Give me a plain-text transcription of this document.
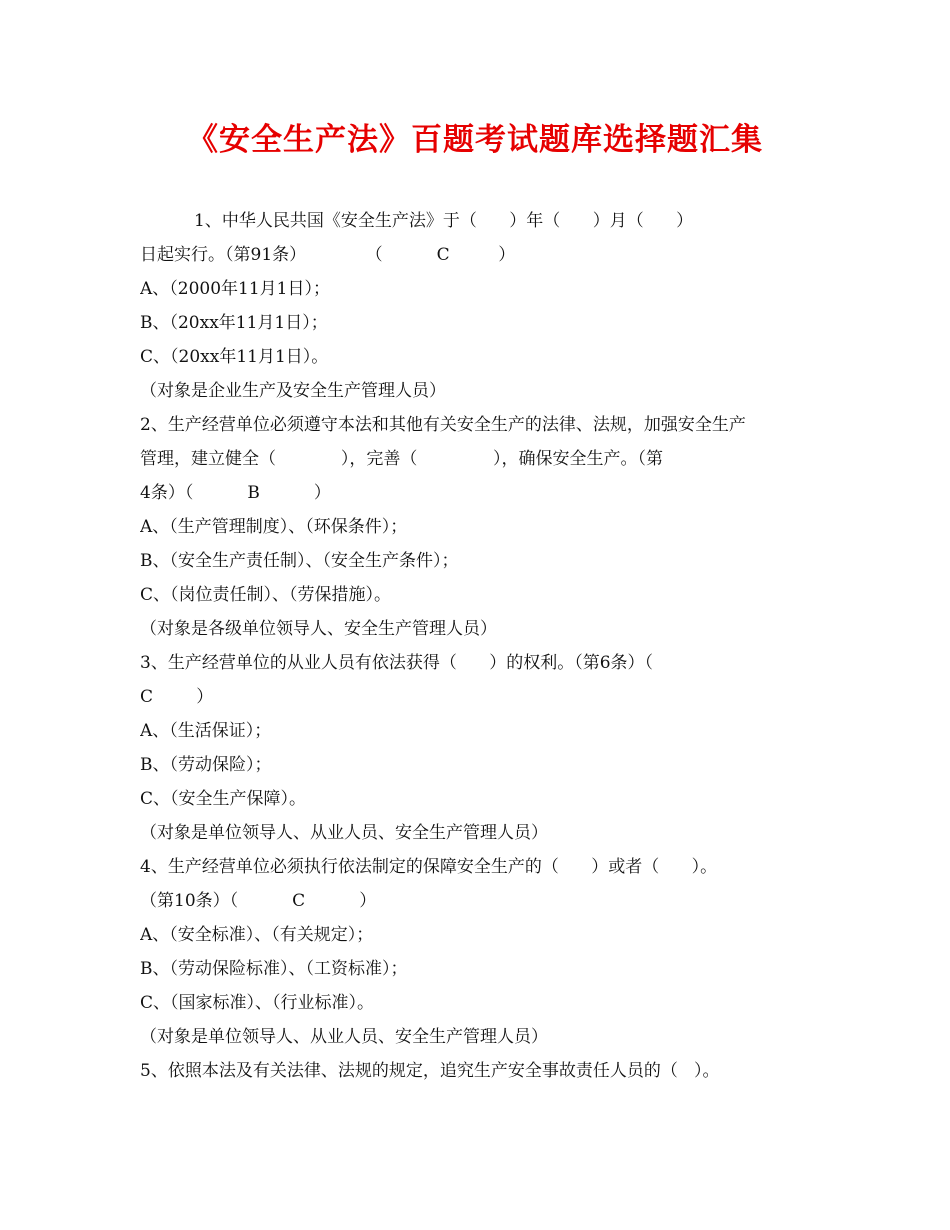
《安全生产法》百题考试题库选择题汇集
1、中华人民共国《安全生产法》于（      ）年（      ）月（      ）
日起实行。（第91条）           （          C         ）
A、（2000年11月1日）；
B、（20xx年11月1日）；
C、（20xx年11月1日）。
（对象是企业生产及安全生产管理人员）
2、生产经营单位必须遵守本法和其他有关安全生产的法律、法规，加强安全生产
管理，建立健全（            ），完善（              ），确保安全生产。（第
4条）（          B          ）
A、（生产管理制度）、（环保条件）；
B、（安全生产责任制）、（安全生产条件）；
C、（岗位责任制）、（劳保措施）。
（对象是各级单位领导人、安全生产管理人员）
3、生产经营单位的从业人员有依法获得（      ）的权利。（第6条）（
C        ）
A、（生活保证）；
B、（劳动保险）；
C、（安全生产保障）。
（对象是单位领导人、从业人员、安全生产管理人员）
4、生产经营单位必须执行依法制定的保障安全生产的（      ）或者（      ）。
（第10条）（          C          ）
A、（安全标准）、（有关规定）；
B、（劳动保险标准）、（工资标准）；
C、（国家标准）、（行业标准）。
（对象是单位领导人、从业人员、安全生产管理人员）
5、依照本法及有关法律、法规的规定，追究生产安全事故责任人员的（   ）。
